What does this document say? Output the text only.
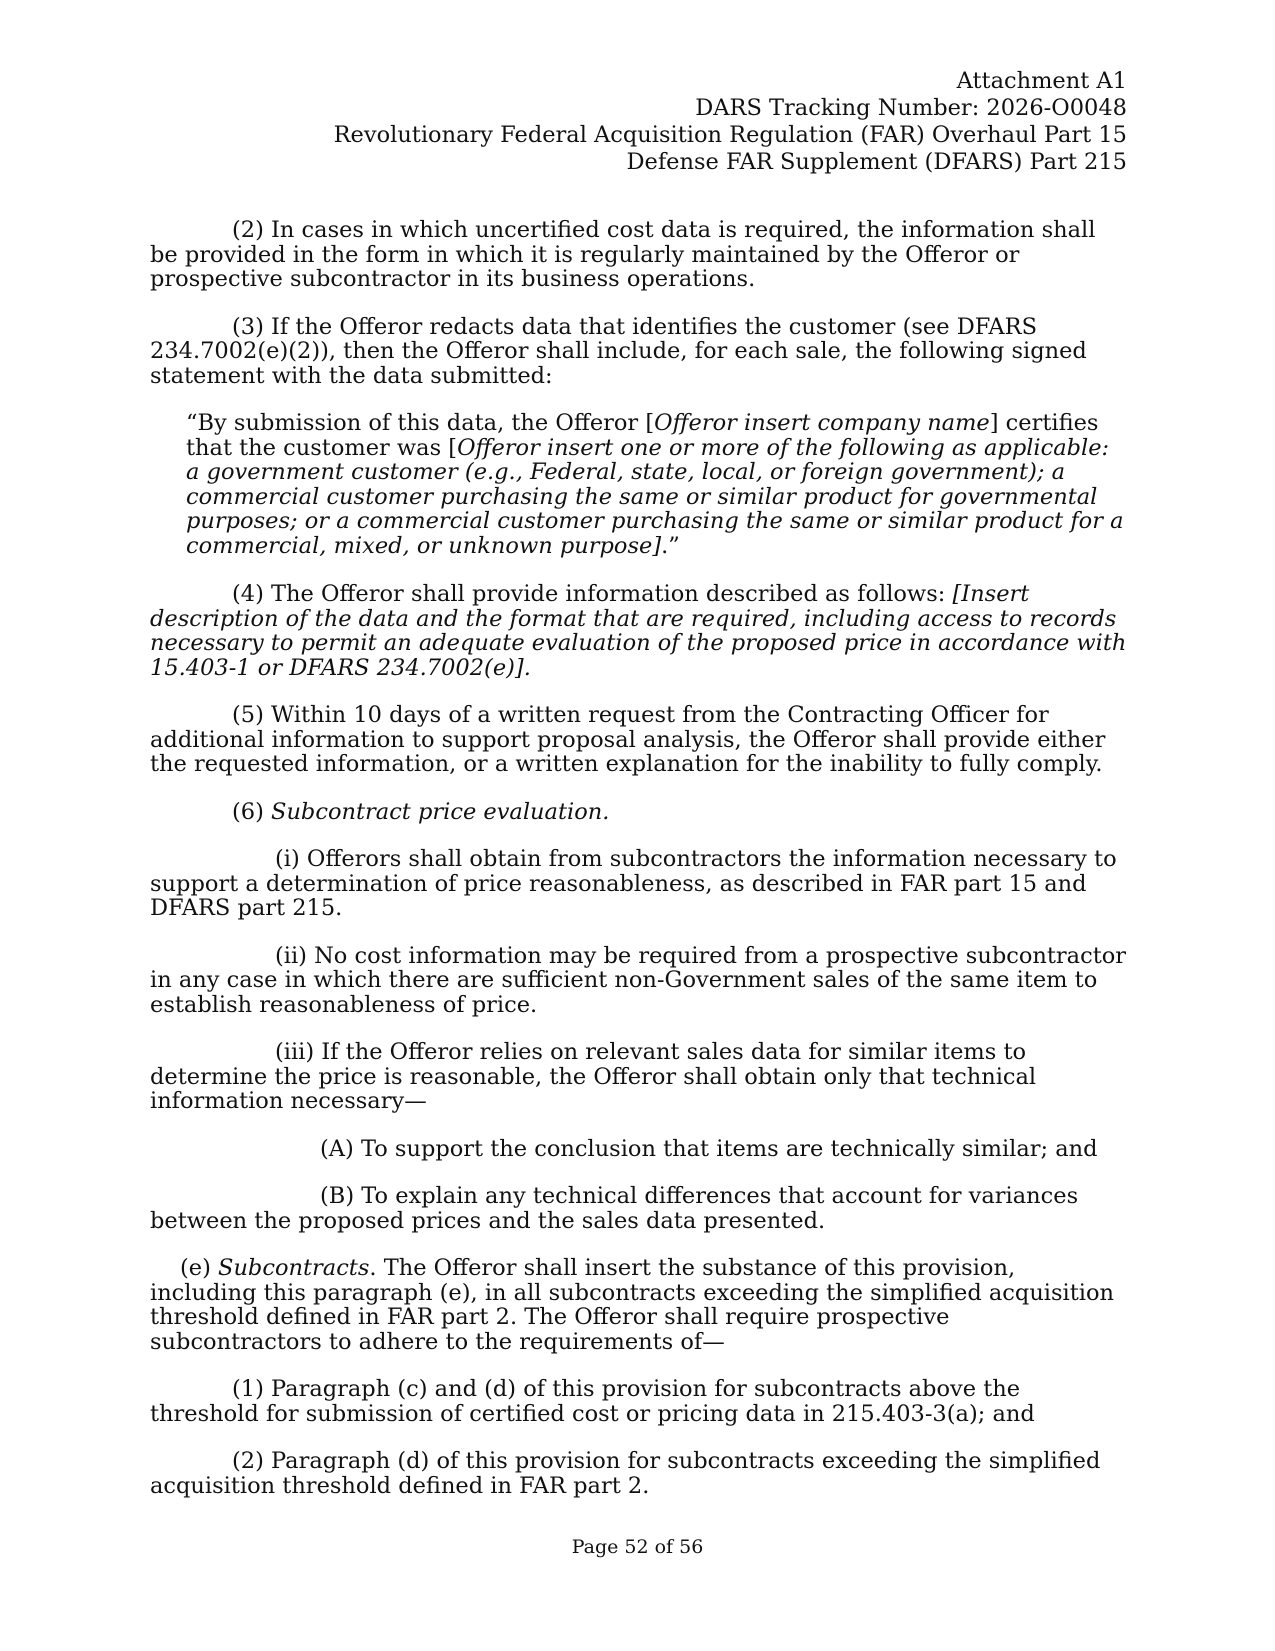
Attachment A1
DARS Tracking Number: 2026-O0048
Revolutionary Federal Acquisition Regulation (FAR) Overhaul Part 15
Defense FAR Supplement (DFARS) Part 215

(2) In cases in which uncertified cost data is required, the information shall be provided in the form in which it is regularly maintained by the Offeror or prospective subcontractor in its business operations.

(3) If the Offeror redacts data that identifies the customer (see DFARS 234.7002(e)(2)), then the Offeror shall include, for each sale, the following signed statement with the data submitted:

“By submission of this data, the Offeror [Offeror insert company name] certifies that the customer was [Offeror insert one or more of the following as applicable: a government customer (e.g., Federal, state, local, or foreign government); a commercial customer purchasing the same or similar product for governmental purposes; or a commercial customer purchasing the same or similar product for a commercial, mixed, or unknown purpose].”

(4) The Offeror shall provide information described as follows: [Insert description of the data and the format that are required, including access to records necessary to permit an adequate evaluation of the proposed price in accordance with 15.403-1 or DFARS 234.7002(e)].

(5) Within 10 days of a written request from the Contracting Officer for additional information to support proposal analysis, the Offeror shall provide either the requested information, or a written explanation for the inability to fully comply.

(6) Subcontract price evaluation.

(i) Offerors shall obtain from subcontractors the information necessary to support a determination of price reasonableness, as described in FAR part 15 and DFARS part 215.

(ii) No cost information may be required from a prospective subcontractor in any case in which there are sufficient non-Government sales of the same item to establish reasonableness of price.

(iii) If the Offeror relies on relevant sales data for similar items to determine the price is reasonable, the Offeror shall obtain only that technical information necessary—

(A) To support the conclusion that items are technically similar; and

(B) To explain any technical differences that account for variances between the proposed prices and the sales data presented.

(e) Subcontracts. The Offeror shall insert the substance of this provision, including this paragraph (e), in all subcontracts exceeding the simplified acquisition threshold defined in FAR part 2. The Offeror shall require prospective subcontractors to adhere to the requirements of—

(1) Paragraph (c) and (d) of this provision for subcontracts above the threshold for submission of certified cost or pricing data in 215.403-3(a); and

(2) Paragraph (d) of this provision for subcontracts exceeding the simplified acquisition threshold defined in FAR part 2.

Page 52 of 56
